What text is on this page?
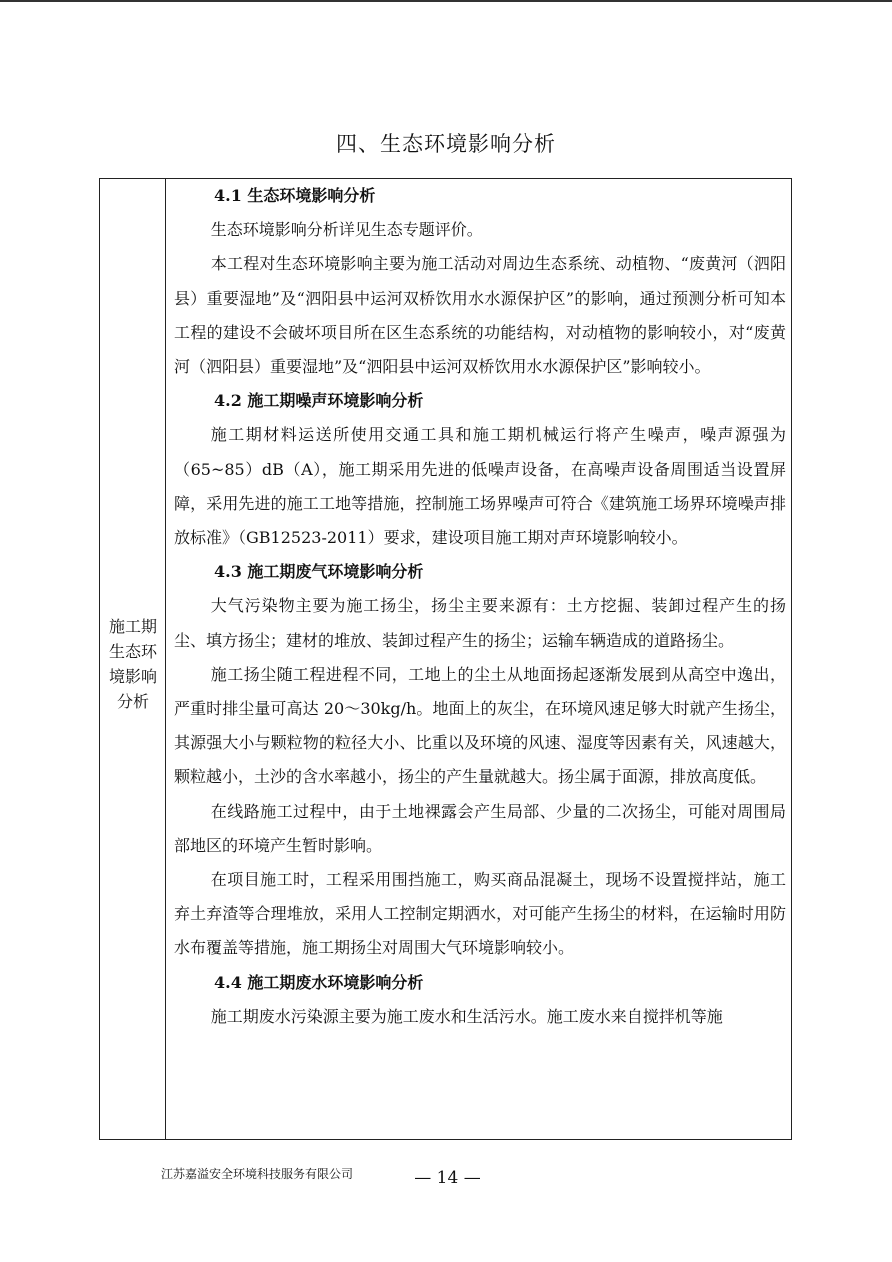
四、生态环境影响分析
施工期
生态环
境影响
分析

4.1 生态环境影响分析

生态环境影响分析详见生态专题评价。

本工程对生态环境影响主要为施工活动对周边生态系统、动植物、“废黄河（泗阳县）重要湿地”及“泗阳县中运河双桥饮用水水源保护区”的影响，通过预测分析可知本工程的建设不会破坏项目所在区生态系统的功能结构，对动植物的影响较小，对“废黄河（泗阳县）重要湿地”及“泗阳县中运河双桥饮用水水源保护区”影响较小。

4.2 施工期噪声环境影响分析

施工期材料运送所使用交通工具和施工期机械运行将产生噪声，噪声源强为（65~85）dB（A），施工期采用先进的低噪声设备，在高噪声设备周围适当设置屏障，采用先进的施工工地等措施，控制施工场界噪声可符合《建筑施工场界环境噪声排放标准》（GB12523-2011）要求，建设项目施工期对声环境影响较小。

4.3 施工期废气环境影响分析

大气污染物主要为施工扬尘，扬尘主要来源有：土方挖掘、装卸过程产生的扬尘、填方扬尘；建材的堆放、装卸过程产生的扬尘；运输车辆造成的道路扬尘。

施工扬尘随工程进程不同，工地上的尘土从地面扬起逐渐发展到从高空中逸出，严重时排尘量可高达 20～30kg/h。地面上的灰尘，在环境风速足够大时就产生扬尘，其源强大小与颗粒物的粒径大小、比重以及环境的风速、湿度等因素有关，风速越大，颗粒越小，土沙的含水率越小，扬尘的产生量就越大。扬尘属于面源，排放高度低。

在线路施工过程中，由于土地裸露会产生局部、少量的二次扬尘，可能对周围局部地区的环境产生暂时影响。

在项目施工时，工程采用围挡施工，购买商品混凝土，现场不设置搅拌站，施工弃土弃渣等合理堆放，采用人工控制定期洒水，对可能产生扬尘的材料，在运输时用防水布覆盖等措施，施工期扬尘对周围大气环境影响较小。

4.4 施工期废水环境影响分析

施工期废水污染源主要为施工废水和生活污水。施工废水来自搅拌机等施

江苏嘉溢安全环境科技服务有限公司	— 14 —
